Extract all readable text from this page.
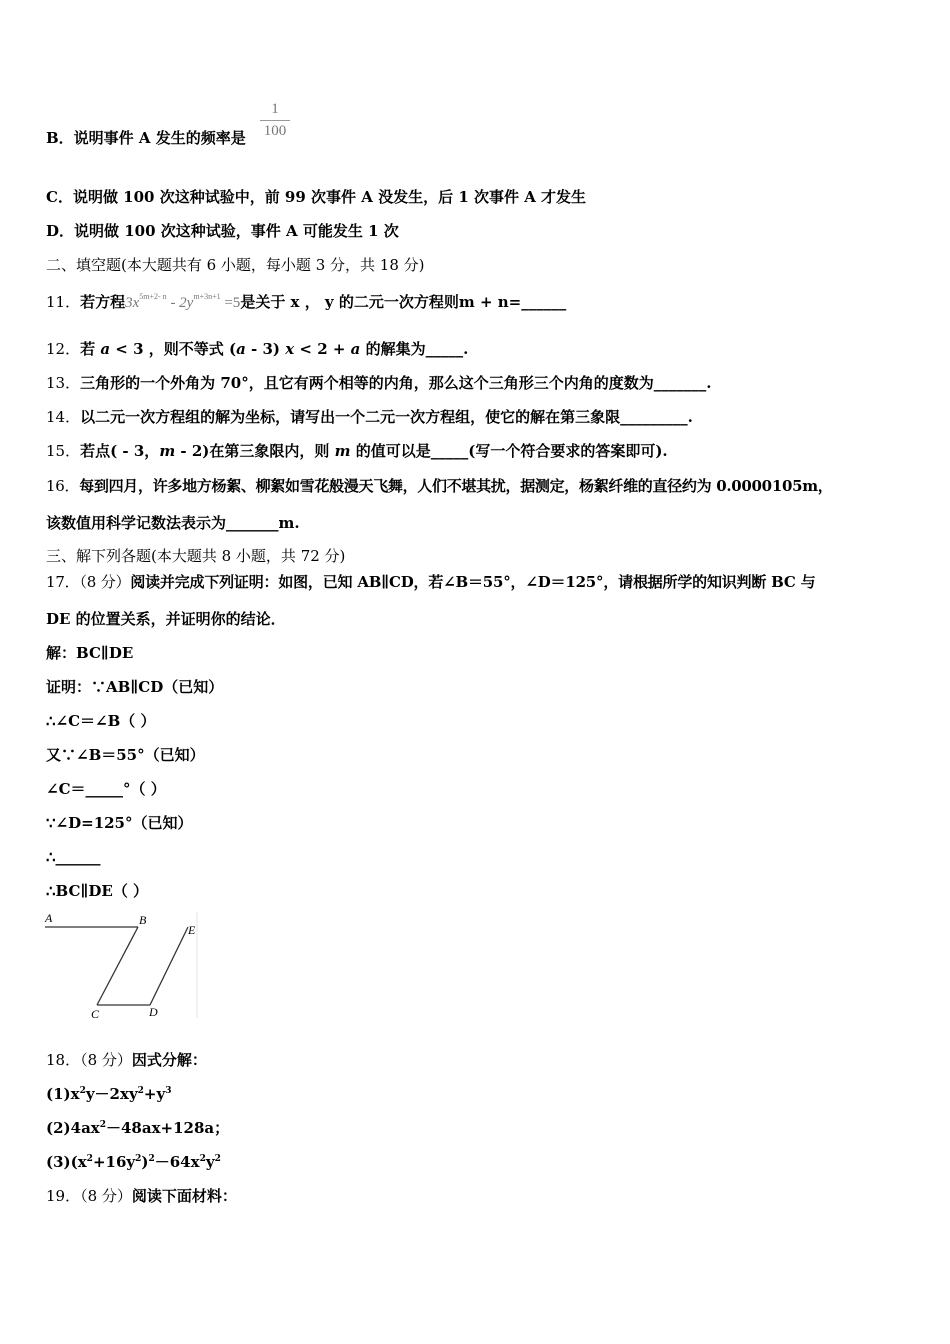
B．说明事件 A 发生的频率是
1
100
C．说明做 100 次这种试验中，前 99 次事件 A 没发生，后 1 次事件 A 才发生
D．说明做 100 次这种试验，事件 A 可能发生 1 次
二、填空题(本大题共有 6 小题，每小题 3 分，共 18 分)
11．若方程$3x^{5m+2- n} - 2y^{m+3n+1} =5$是关于 x ， y 的二元一次方程则m + n=______
12．若 a < 3 ，则不等式 (a - 3) x < 2 + a 的解集为_____.
13．三角形的一个外角为 70°，且它有两个相等的内角，那么这个三角形三个内角的度数为_______.
14．以二元一次方程组的解为坐标，请写出一个二元一次方程组，使它的解在第三象限_________.
15．若点( - 3，m - 2)在第三象限内，则 m 的值可以是_____(写一个符合要求的答案即可).
16．每到四月，许多地方杨絮、柳絮如雪花般漫天飞舞，人们不堪其扰，据测定，杨絮纤维的直径约为 0.0000105m，
该数值用科学记数法表示为_______m.
三、解下列各题(本大题共 8 小题，共 72 分)
17．（8 分）阅读并完成下列证明：如图，已知 AB∥CD，若∠B＝55°，∠D＝125°，请根据所学的知识判断 BC 与
DE 的位置关系，并证明你的结论．
解：BC∥DE
证明：∵AB∥CD（已知）
∴∠C＝∠B（ ）
又∵∠B＝55°（已知）
∠C＝_____°（ ）
∵∠D=125°（已知）
∴______
∴BC∥DE（ ）
A	B
C	D
E
18．（8 分）因式分解：
$(1)x^2y-2xy^2+y^3$
$(2)4ax^2-48ax+128a$；
$(3)(x^2+16y^2)^2-64x^2y^2$
19．（8 分）阅读下面材料：
